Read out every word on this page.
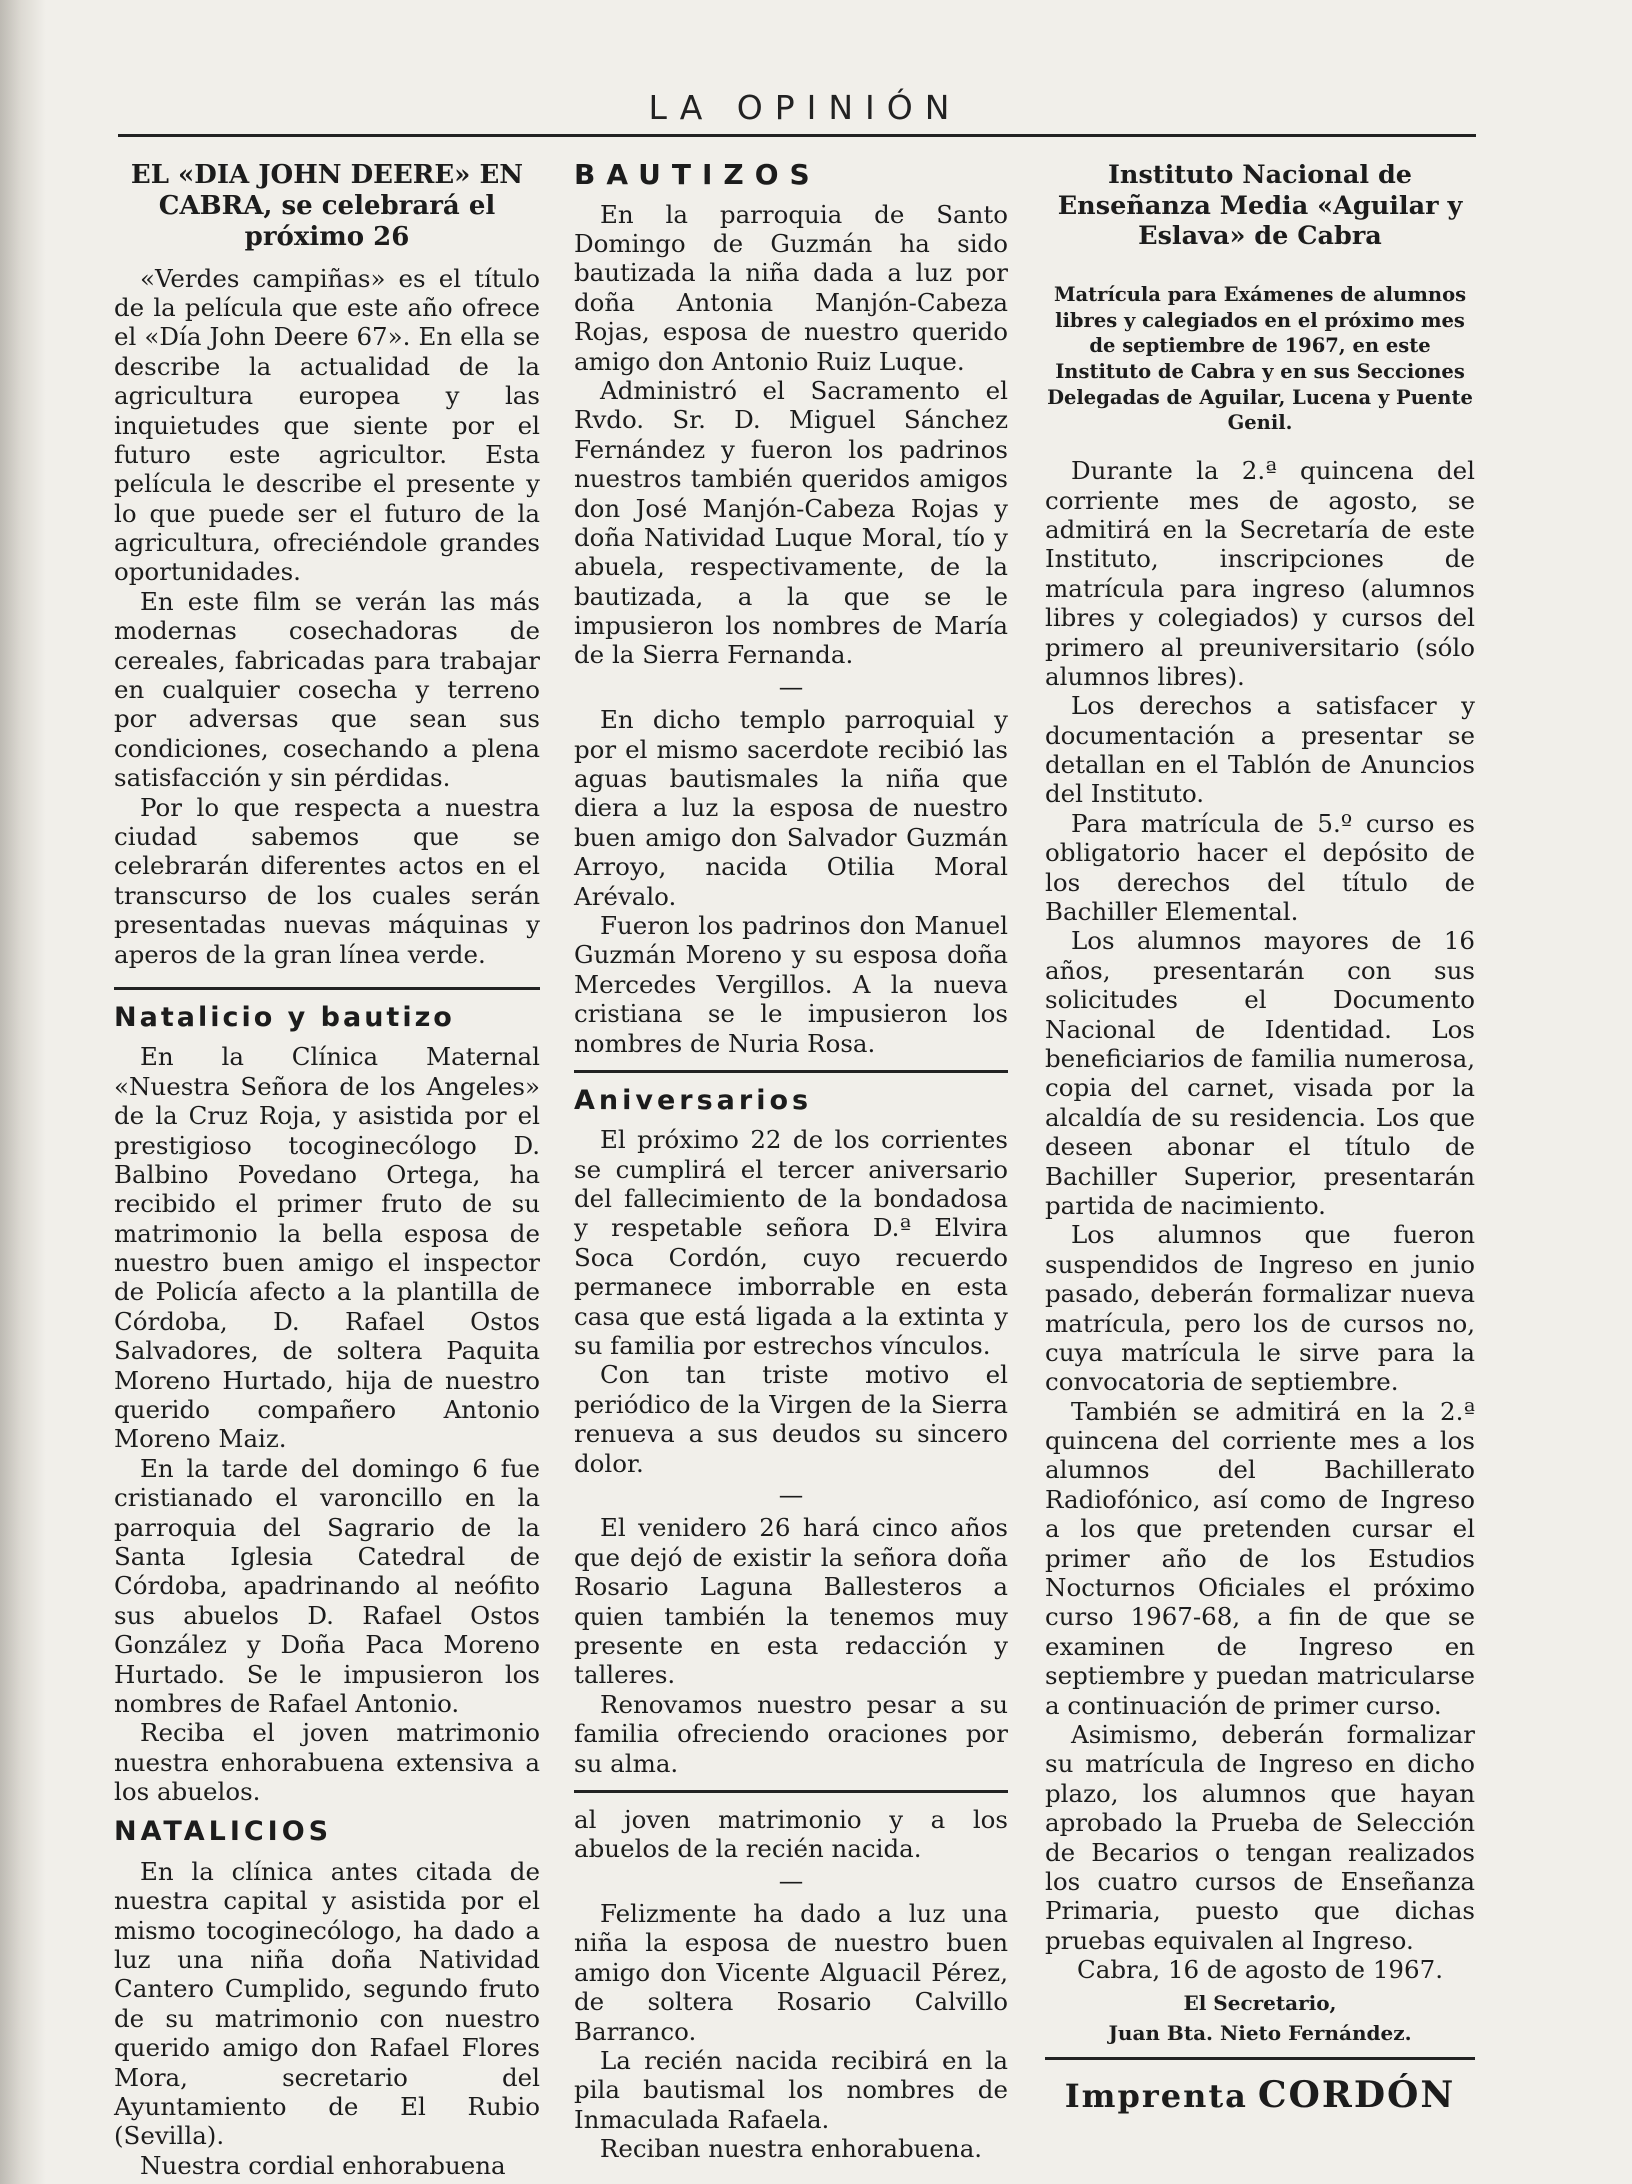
LA OPINIÓN
EL «DIA JOHN DEERE» EN CABRA, se celebrará el próximo 26

«Verdes campiñas» es el título de la película que este año ofrece el «Día John Deere 67». En ella se describe la actualidad de la agricultura europea y las inquietudes que siente por el futuro este agricultor. Esta película le describe el presente y lo que puede ser el futuro de la agricultura, ofreciéndole grandes oportunidades.

En este film se verán las más modernas cosechadoras de cereales, fabricadas para trabajar en cualquier cosecha y terreno por adversas que sean sus condiciones, cosechando a plena satisfacción y sin pérdidas.

Por lo que respecta a nuestra ciudad sabemos que se celebrarán diferentes actos en el transcurso de los cuales serán presentadas nuevas máquinas y aperos de la gran línea verde.

Natalicio y bautizo

En la Clínica Maternal «Nuestra Señora de los Angeles» de la Cruz Roja, y asistida por el prestigioso tocoginecólogo D. Balbino Povedano Ortega, ha recibido el primer fruto de su matrimonio la bella esposa de nuestro buen amigo el inspector de Policía afecto a la plantilla de Córdoba, D. Rafael Ostos Salvadores, de soltera Paquita Moreno Hurtado, hija de nuestro querido compañero Antonio Moreno Maiz.

En la tarde del domingo 6 fue cristianado el varoncillo en la parroquia del Sagrario de la Santa Iglesia Catedral de Córdoba, apadrinando al neófito sus abuelos D. Rafael Ostos González y Doña Paca Moreno Hurtado. Se le impusieron los nombres de Rafael Antonio.

Reciba el joven matrimonio nuestra enhorabuena extensiva a los abuelos.

NATALICIOS

En la clínica antes citada de nuestra capital y asistida por el mismo tocoginecólogo, ha dado a luz una niña doña Natividad Cantero Cumplido, segundo fruto de su matrimonio con nuestro querido amigo don Rafael Flores Mora, secretario del Ayuntamiento de El Rubio (Sevilla).

Nuestra cordial enhorabuena

BAUTIZOS

En la parroquia de Santo Domingo de Guzmán ha sido bautizada la niña dada a luz por doña Antonia Manjón-Cabeza Rojas, esposa de nuestro querido amigo don Antonio Ruiz Luque.

Administró el Sacramento el Rvdo. Sr. D. Miguel Sánchez Fernández y fueron los padrinos nuestros también queridos amigos don José Manjón-Cabeza Rojas y doña Natividad Luque Moral, tío y abuela, respectivamente, de la bautizada, a la que se le impusieron los nombres de María de la Sierra Fernanda.

—

En dicho templo parroquial y por el mismo sacerdote recibió las aguas bautismales la niña que diera a luz la esposa de nuestro buen amigo don Salvador Guzmán Arroyo, nacida Otilia Moral Arévalo.

Fueron los padrinos don Manuel Guzmán Moreno y su esposa doña Mercedes Vergillos. A la nueva cristiana se le impusieron los nombres de Nuria Rosa.

Aniversarios

El próximo 22 de los corrientes se cumplirá el tercer aniversario del fallecimiento de la bondadosa y respetable señora D.ª Elvira Soca Cordón, cuyo recuerdo permanece imborrable en esta casa que está ligada a la extinta y su familia por estrechos vínculos.

Con tan triste motivo el periódico de la Virgen de la Sierra renueva a sus deudos su sincero dolor.

—

El venidero 26 hará cinco años que dejó de existir la señora doña Rosario Laguna Ballesteros a quien también la tenemos muy presente en esta redacción y talleres.

Renovamos nuestro pesar a su familia ofreciendo oraciones por su alma.

al joven matrimonio y a los abuelos de la recién nacida.

—

Felizmente ha dado a luz una niña la esposa de nuestro buen amigo don Vicente Alguacil Pérez, de soltera Rosario Calvillo Barranco.

La recién nacida recibirá en la pila bautismal los nombres de Inmaculada Rafaela.

Reciban nuestra enhorabuena.

Instituto Nacional de Enseñanza Media «Aguilar y Eslava» de Cabra
Matrícula para Exámenes de alumnos libres y calegiados en el próximo mes de septiembre de 1967, en este Instituto de Cabra y en sus Secciones Delegadas de Aguilar, Lucena y Puente Genil.

Durante la 2.ª quincena del corriente mes de agosto, se admitirá en la Secretaría de este Instituto, inscripciones de matrícula para ingreso (alumnos libres y colegiados) y cursos del primero al preuniversitario (sólo alumnos libres).

Los derechos a satisfacer y documentación a presentar se detallan en el Tablón de Anuncios del Instituto.

Para matrícula de 5.º curso es obligatorio hacer el depósito de los derechos del título de Bachiller Elemental.

Los alumnos mayores de 16 años, presentarán con sus solicitudes el Documento Nacional de Identidad. Los beneficiarios de familia numerosa, copia del carnet, visada por la alcaldía de su residencia. Los que deseen abonar el título de Bachiller Superior, presentarán partida de nacimiento.

Los alumnos que fueron suspendidos de Ingreso en junio pasado, deberán formalizar nueva matrícula, pero los de cursos no, cuya matrícula le sirve para la convocatoria de septiembre.

También se admitirá en la 2.ª quincena del corriente mes a los alumnos del Bachillerato Radiofónico, así como de Ingreso a los que pretenden cursar el primer año de los Estudios Nocturnos Oficiales el próximo curso 1967-68, a fin de que se examinen de Ingreso en septiembre y puedan matricularse a continuación de primer curso.

Asimismo, deberán formalizar su matrícula de Ingreso en dicho plazo, los alumnos que hayan aprobado la Prueba de Selección de Becarios o tengan realizados los cuatro cursos de Enseñanza Primaria, puesto que dichas pruebas equivalen al Ingreso.

Cabra, 16 de agosto de 1967.

El Secretario,

Juan Bta. Nieto Fernández.

Imprenta CORDÓN
